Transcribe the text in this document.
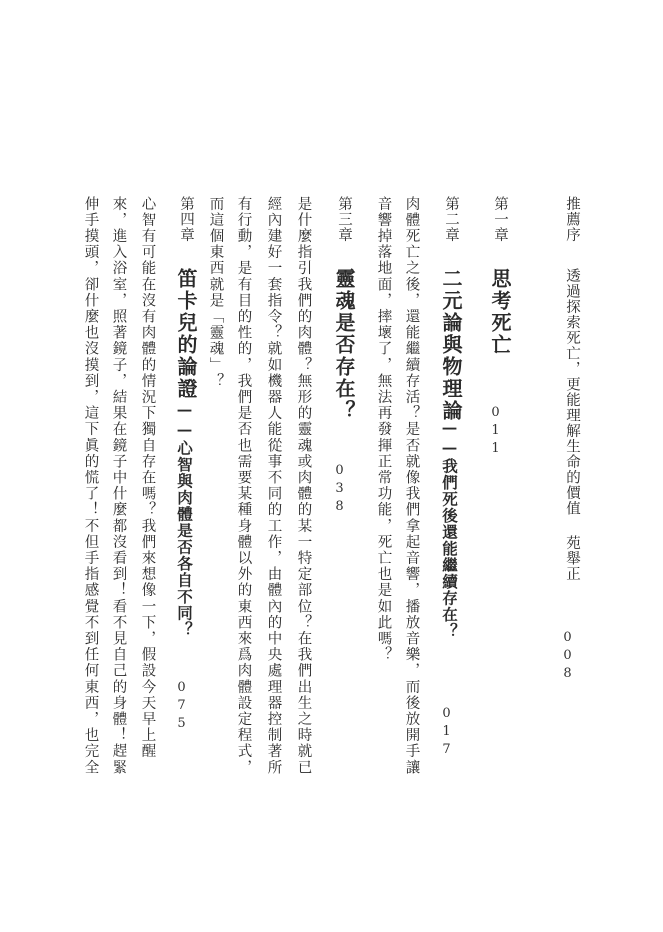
推薦序
透過探索死亡，更能理解生命的價值
苑舉正
008
第一章
思考死亡
011
第二章
二元論與物理論
——我們死後還能繼續存在？
017
肉體死亡之後，還能繼續存活？是否就像我們拿起音響，播放音樂，而後放開手讓
音響掉落地面，摔壞了，無法再發揮正常功能，死亡也是如此嗎？
第三章
靈魂是否存在？
038
是什麼指引我們的肉體？無形的靈魂或肉體的某一特定部位？在我們出生之時就已
經內建好一套指令？就如機器人能從事不同的工作，由體內的中央處理器控制著所
有行動，是有目的性的，我們是否也需要某種身體以外的東西來爲肉體設定程式，
而這個東西就是「靈魂」？
第四章
笛卡兒的論證
——心智與肉體是否各自不同？
075
心智有可能在沒有肉體的情況下獨自存在嗎？我們來想像一下，假設今天早上醒
來，進入浴室，照著鏡子，結果在鏡子中什麼都沒看到！看不見自己的身體！趕緊
伸手摸頭，卻什麼也沒摸到，這下眞的慌了！不但手指感覺不到任何東西，也完全
